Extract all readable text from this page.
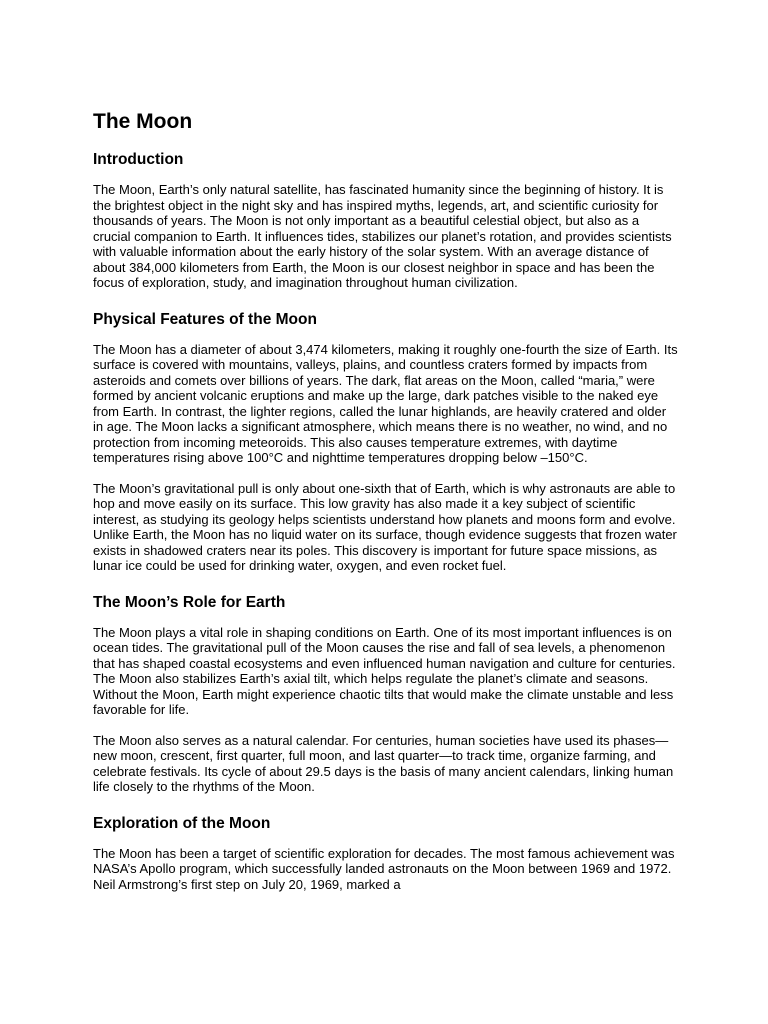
The Moon
Introduction

The Moon, Earth’s only natural satellite, has fascinated humanity since the beginning of history. It is the brightest object in the night sky and has inspired myths, legends, art, and scientific curiosity for thousands of years. The Moon is not only important as a beautiful celestial object, but also as a crucial companion to Earth. It influences tides, stabilizes our planet’s rotation, and provides scientists with valuable information about the early history of the solar system. With an average distance of about 384,000 kilometers from Earth, the Moon is our closest neighbor in space and has been the focus of exploration, study, and imagination throughout human civilization.

Physical Features of the Moon

The Moon has a diameter of about 3,474 kilometers, making it roughly one-fourth the size of Earth. Its surface is covered with mountains, valleys, plains, and countless craters formed by impacts from asteroids and comets over billions of years. The dark, flat areas on the Moon, called “maria,” were formed by ancient volcanic eruptions and make up the large, dark patches visible to the naked eye from Earth. In contrast, the lighter regions, called the lunar highlands, are heavily cratered and older in age. The Moon lacks a significant atmosphere, which means there is no weather, no wind, and no protection from incoming meteoroids. This also causes temperature extremes, with daytime temperatures rising above 100°C and nighttime temperatures dropping below –150°C.

The Moon’s gravitational pull is only about one-sixth that of Earth, which is why astronauts are able to hop and move easily on its surface. This low gravity has also made it a key subject of scientific interest, as studying its geology helps scientists understand how planets and moons form and evolve. Unlike Earth, the Moon has no liquid water on its surface, though evidence suggests that frozen water exists in shadowed craters near its poles. This discovery is important for future space missions, as lunar ice could be used for drinking water, oxygen, and even rocket fuel.

The Moon’s Role for Earth

The Moon plays a vital role in shaping conditions on Earth. One of its most important influences is on ocean tides. The gravitational pull of the Moon causes the rise and fall of sea levels, a phenomenon that has shaped coastal ecosystems and even influenced human navigation and culture for centuries. The Moon also stabilizes Earth’s axial tilt, which helps regulate the planet’s climate and seasons. Without the Moon, Earth might experience chaotic tilts that would make the climate unstable and less favorable for life.

The Moon also serves as a natural calendar. For centuries, human societies have used its phases—new moon, crescent, first quarter, full moon, and last quarter—to track time, organize farming, and celebrate festivals. Its cycle of about 29.5 days is the basis of many ancient calendars, linking human life closely to the rhythms of the Moon.

Exploration of the Moon

The Moon has been a target of scientific exploration for decades. The most famous achievement was NASA’s Apollo program, which successfully landed astronauts on the Moon between 1969 and 1972. Neil Armstrong’s first step on July 20, 1969, marked a
